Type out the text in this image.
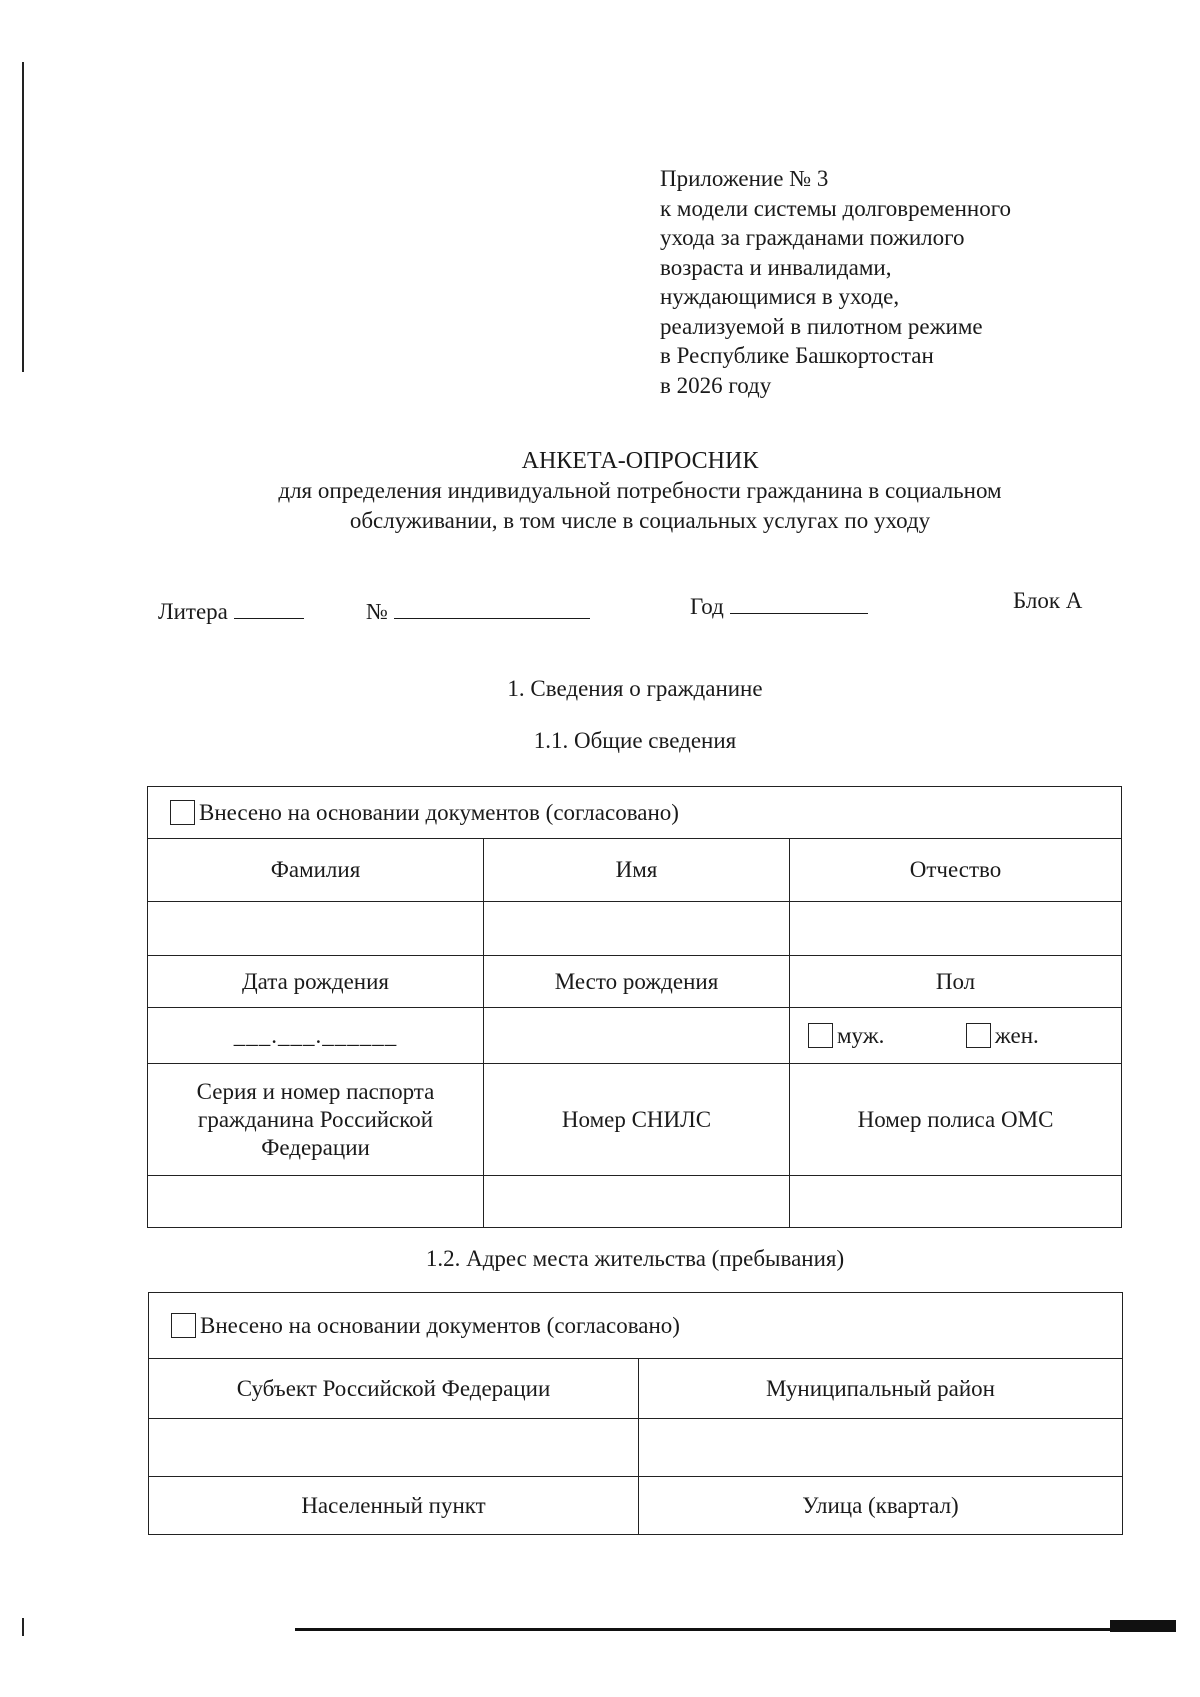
Приложение № 3
к модели системы долговременного
ухода за гражданами пожилого
возраста и инвалидами,
нуждающимися в уходе,
реализуемой в пилотном режиме
в Республике Башкортостан
в 2026 году
АНКЕТА-ОПРОСНИК
для определения индивидуальной потребности гражданина в социальном
обслуживании, в том числе в социальных услугах по уходу
Литера	№	Год	Блок А
1. Сведения о гражданине
1.1. Общие сведения
Внесено на основании документов (согласовано)		
Фамилия	Имя	Отчество

Дата рождения	Место рождения	Пол
___.___.______		муж. жен.
Серия и номер паспорта гражданина Российской Федерации	Номер СНИЛС	Номер полиса ОМС

1.2. Адрес места жительства (пребывания)
Внесено на основании документов (согласовано)	
Субъект Российской Федерации	Муниципальный район

Населенный пункт	Улица (квартал)
